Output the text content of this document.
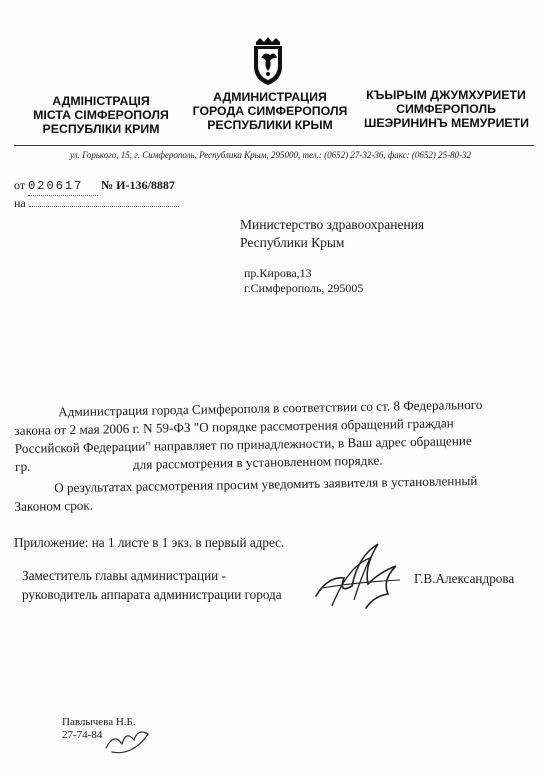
АДМІНІСТРАЦІЯ
МІСТА СІМФЕРОПОЛЯ
РЕСПУБЛІКИ КРИМ
АДМИНИСТРАЦИЯ
ГОРОДА СИМФЕРОПОЛЯ
РЕСПУБЛИКИ КРЫМ
КЪЫРЫМ ДЖУМХУРИЕТИ
СИМФЕРОПОЛЬ
ШЕЭРИНИНЪ МЕМУРИЕТИ
ул. Горького, 15, г. Симферополь, Республика Крым, 295000, тел.: (0652) 27-32-36, факс: (0652) 25-80-32
от 020617 № И-136/8887
на
Министерство здравоохранения
Республики Крым
пр.Кирова,13
г.Симферополь, 295005
Администрация города Симферополя в соответствии со ст. 8 Федерального
закона от 2 мая 2006 г. N 59-ФЗ "О порядке рассмотрения обращений граждан
Российской Федерации" направляет по принадлежности, в Ваш адрес обращение
гр.	для рассмотрения в установленном порядке.
О результатах рассмотрения просим уведомить заявителя в установленный
Законом срок.
Приложение: на 1 листе в 1 экз. в первый адрес.
Заместитель главы администрации -
руководитель аппарата администрации города
Г.В.Александрова
Павлычева Н.Б.
27-74-84
